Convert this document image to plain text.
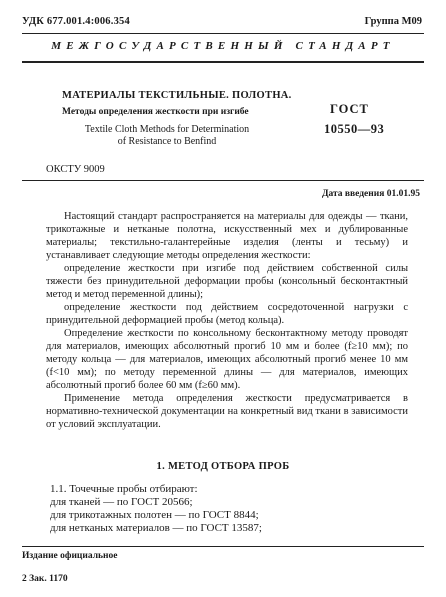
УДК 677.001.4:006.354	Группа М09
МЕЖГОСУДАРСТВЕННЫЙ СТАНДАРТ
МАТЕРИАЛЫ ТЕКСТИЛЬНЫЕ. ПОЛОТНА.
Методы определения жесткости при изгибе
Textile Cloth Methods for Determination
of Resistance to Benfind
ГОСТ
10550—93
ОКСТУ 9009
Дата введения 01.01.95

Настоящий стандарт распространяется на материалы для одежды — ткани, трикотажные и нетканые полотна, искусственный мех и дублированные материалы; текстильно-галантерейные изделия (ленты и тесьму) и устанавливает следующие методы определения жесткости:

определение жесткости при изгибе под действием собственной силы тяжести без принудительной деформации пробы (консольный бесконтактный метод и метод переменной длины);

определение жесткости под действием сосредоточенной нагрузки с принудительной деформацией пробы (метод кольца).

Определение жесткости по консольному бесконтактному методу проводят для материалов, имеющих абсолютный прогиб 10 мм и более (f≥10 мм); по методу кольца — для материалов, имеющих абсолютный прогиб менее 10 мм (f<10 мм); по методу переменной длины — для материалов, имеющих абсолютный прогиб более 60 мм (f≥60 мм).

Применение метода определения жесткости предусматривается в нормативно-технической документации на конкретный вид ткани в зависимости от условий эксплуатации.

1. МЕТОД ОТБОРА ПРОБ
1.1. Точечные пробы отбирают:
для тканей — по ГОСТ 20566;
для трикотажных полотен — по ГОСТ 8844;
для нетканых материалов — по ГОСТ 13587;
Издание официальное
2 Зак. 1170
